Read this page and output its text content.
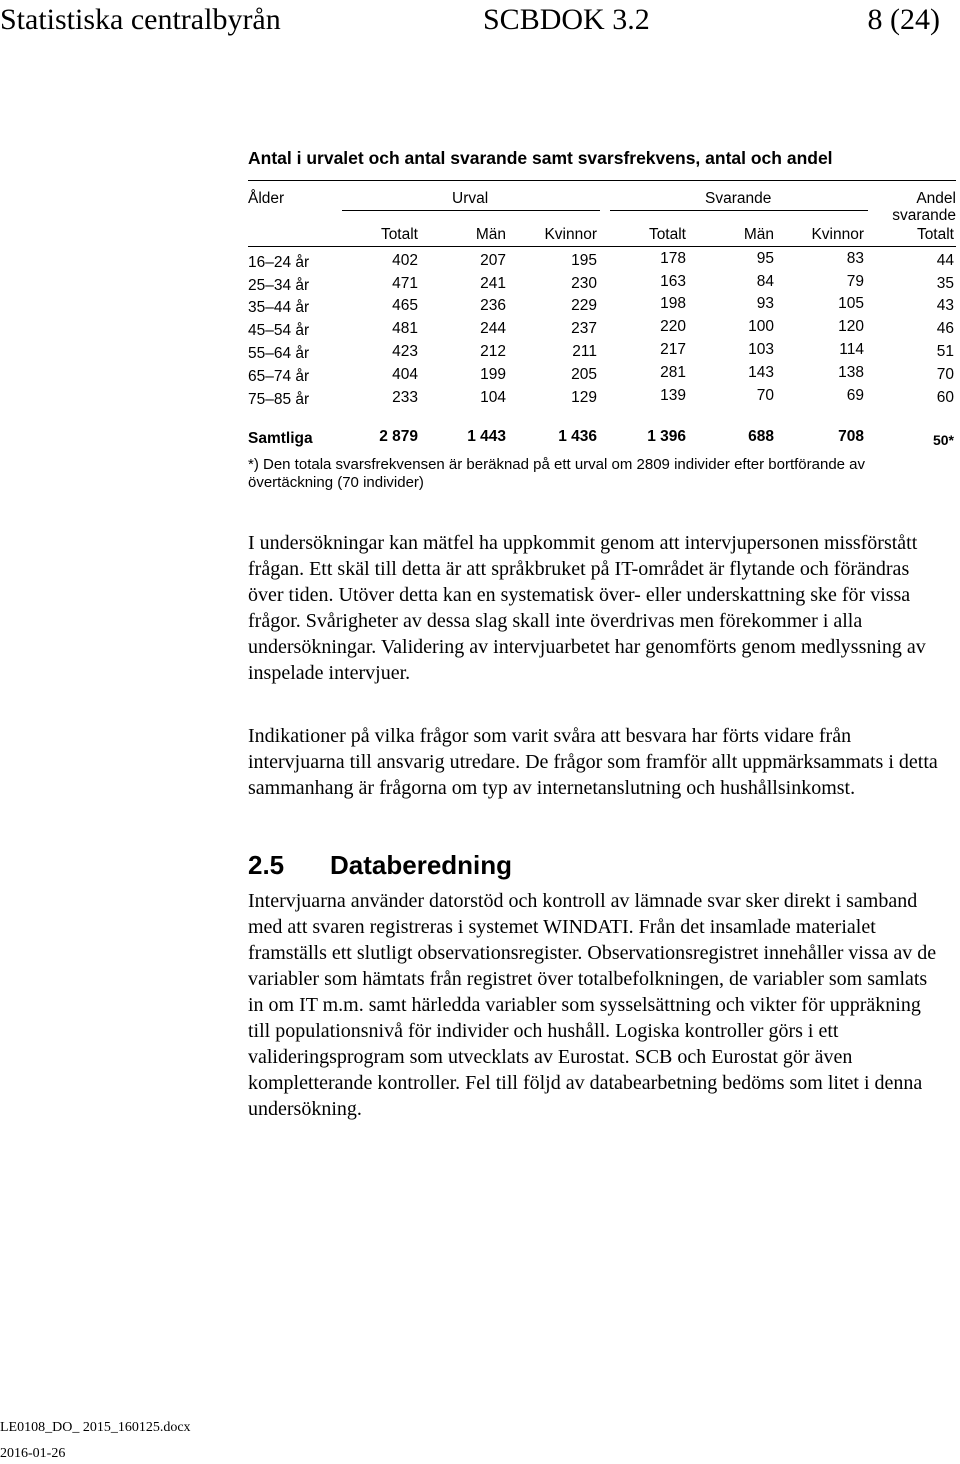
Statistiska centralbyrån	SCBDOK 3.2	8 (24)
Antal i urvalet och antal svarande samt svarsfrekvens, antal och andel
Ålder	Urval	Svarande	Andel
svarande
Totalt	Män	Kvinnor	Totalt	Män	Kvinnor	Totalt
16–24 år	402	207	195	178	95	83	44
25–34 år	471	241	230	163	84	79	35
35–44 år	465	236	229	198	93	105	43
45–54 år	481	244	237	220	100	120	46
55–64 år	423	212	211	217	103	114	51
65–74 år	404	199	205	281	143	138	70
75–85 år	233	104	129	139	70	69	60
Samtliga	2 879	1 443	1 436	1 396	688	708	50*
*) Den totala svarsfrekvensen är beräknad på ett urval om 2809 individer efter bortförande av övertäckning (70 individer)

I undersökningar kan mätfel ha uppkommit genom att intervjupersonen missförstått frågan. Ett skäl till detta är att språkbruket på IT-området är flytande och förändras över tiden. Utöver detta kan en systematisk över- eller underskattning ske för vissa frågor. Svårigheter av dessa slag skall inte överdrivas men förekommer i alla undersökningar. Validering av intervjuarbetet har genomförts genom medlyssning av inspelade intervjuer.

Indikationer på vilka frågor som varit svåra att besvara har förts vidare från intervjuarna till ansvarig utredare. De frågor som framför allt uppmärksammats i detta sammanhang är frågorna om typ av internetanslutning och hushållsinkomst.

2.5 Databeredning

Intervjuarna använder datorstöd och kontroll av lämnade svar sker direkt i samband med att svaren registreras i systemet WINDATI. Från det insamlade materialet framställs ett slutligt observationsregister. Observationsregistret innehåller vissa av de variabler som hämtats från registret över totalbefolkningen, de variabler som samlats in om IT m.m. samt härledda variabler som sysselsättning och vikter för uppräkning till populationsnivå för individer och hushåll. Logiska kontroller görs i ett valideringsprogram som utvecklats av Eurostat. SCB och Eurostat gör även kompletterande kontroller. Fel till följd av databearbetning bedöms som litet i denna undersökning.

LE0108_DO_ 2015_160125.docx
2016-01-26
